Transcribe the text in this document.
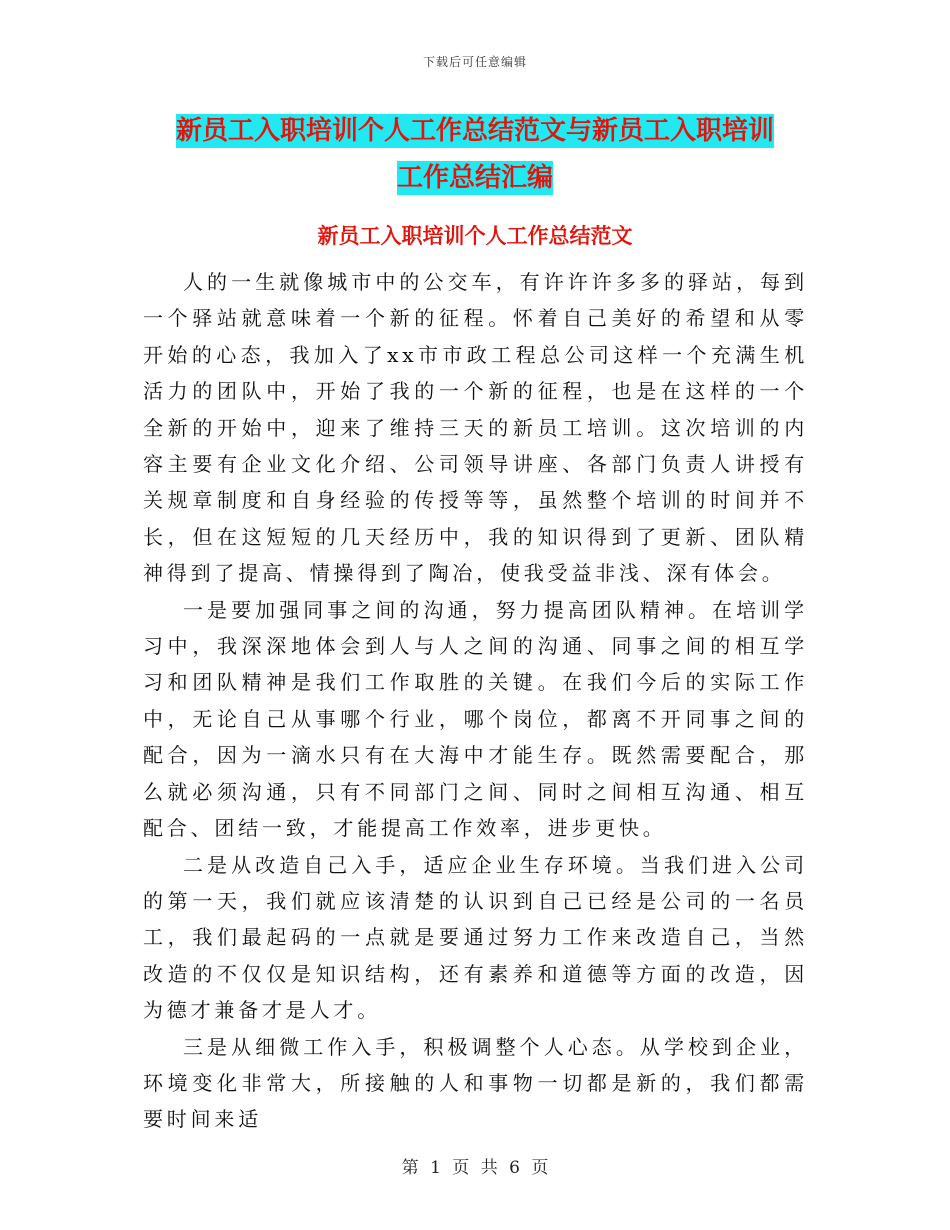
下载后可任意编辑
新员工入职培训个人工作总结范文与新员工入职培训
工作总结汇编
新员工入职培训个人工作总结范文

人的一生就像城市中的公交车，有许许许多多的驿站，每到一个驿站就意味着一个新的征程。怀着自己美好的希望和从零开始的心态，我加入了xx市市政工程总公司这样一个充满生机活力的团队中，开始了我的一个新的征程，也是在这样的一个全新的开始中，迎来了维持三天的新员工培训。这次培训的内容主要有企业文化介绍、公司领导讲座、各部门负责人讲授有关规章制度和自身经验的传授等等，虽然整个培训的时间并不长，但在这短短的几天经历中，我的知识得到了更新、团队精神得到了提高、情操得到了陶冶，使我受益非浅、深有体会。

一是要加强同事之间的沟通，努力提高团队精神。在培训学习中，我深深地体会到人与人之间的沟通、同事之间的相互学习和团队精神是我们工作取胜的关键。在我们今后的实际工作中，无论自己从事哪个行业，哪个岗位，都离不开同事之间的配合，因为一滴水只有在大海中才能生存。既然需要配合，那么就必须沟通，只有不同部门之间、同时之间相互沟通、相互配合、团结一致，才能提高工作效率，进步更快。

二是从改造自己入手，适应企业生存环境。当我们进入公司的第一天，我们就应该清楚的认识到自己已经是公司的一名员工，我们最起码的一点就是要通过努力工作来改造自己，当然改造的不仅仅是知识结构，还有素养和道德等方面的改造，因为德才兼备才是人才。

三是从细微工作入手，积极调整个人心态。从学校到企业，环境变化非常大，所接触的人和事物一切都是新的，我们都需要时间来适

第 1 页 共 6 页
